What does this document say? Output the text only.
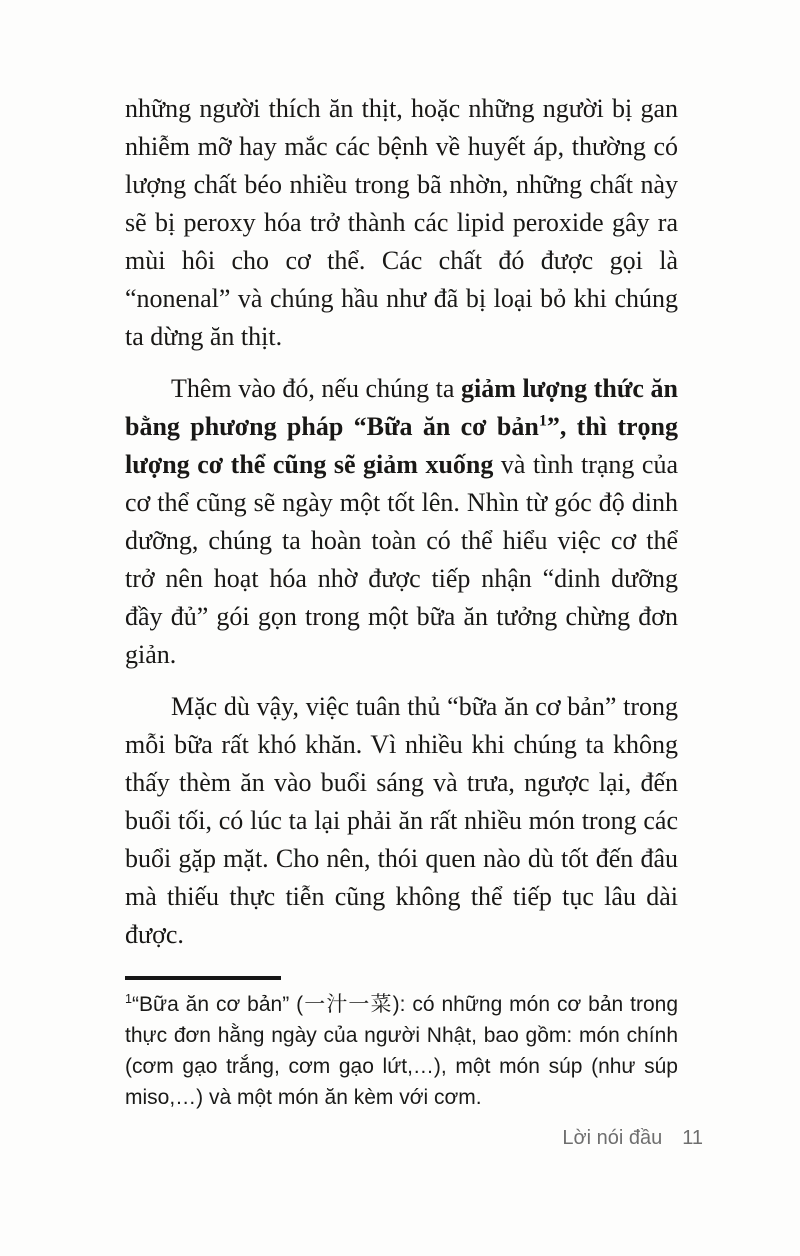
những người thích ăn thịt, hoặc những người bị gan nhiễm mỡ hay mắc các bệnh về huyết áp, thường có lượng chất béo nhiều trong bã nhờn, những chất này sẽ bị peroxy hóa trở thành các lipid peroxide gây ra mùi hôi cho cơ thể. Các chất đó được gọi là “nonenal” và chúng hầu như đã bị loại bỏ khi chúng ta dừng ăn thịt.

Thêm vào đó, nếu chúng ta giảm lượng thức ăn bằng phương pháp “Bữa ăn cơ bản$^1$”, thì trọng lượng cơ thể cũng sẽ giảm xuống và tình trạng của cơ thể cũng sẽ ngày một tốt lên. Nhìn từ góc độ dinh dưỡng, chúng ta hoàn toàn có thể hiểu việc cơ thể trở nên hoạt hóa nhờ được tiếp nhận “dinh dưỡng đầy đủ” gói gọn trong một bữa ăn tưởng chừng đơn giản.

Mặc dù vậy, việc tuân thủ “bữa ăn cơ bản” trong mỗi bữa rất khó khăn. Vì nhiều khi chúng ta không thấy thèm ăn vào buổi sáng và trưa, ngược lại, đến buổi tối, có lúc ta lại phải ăn rất nhiều món trong các buổi gặp mặt. Cho nên, thói quen nào dù tốt đến đâu mà thiếu thực tiễn cũng không thể tiếp tục lâu dài được.

$^1$“Bữa ăn cơ bản” (一汁一菜): có những món cơ bản trong thực đơn hằng ngày của người Nhật, bao gồm: món chính (cơm gạo trắng, cơm gạo lứt,…), một món súp (như súp miso,…) và một món ăn kèm với cơm.

Lời nói đầu 11
